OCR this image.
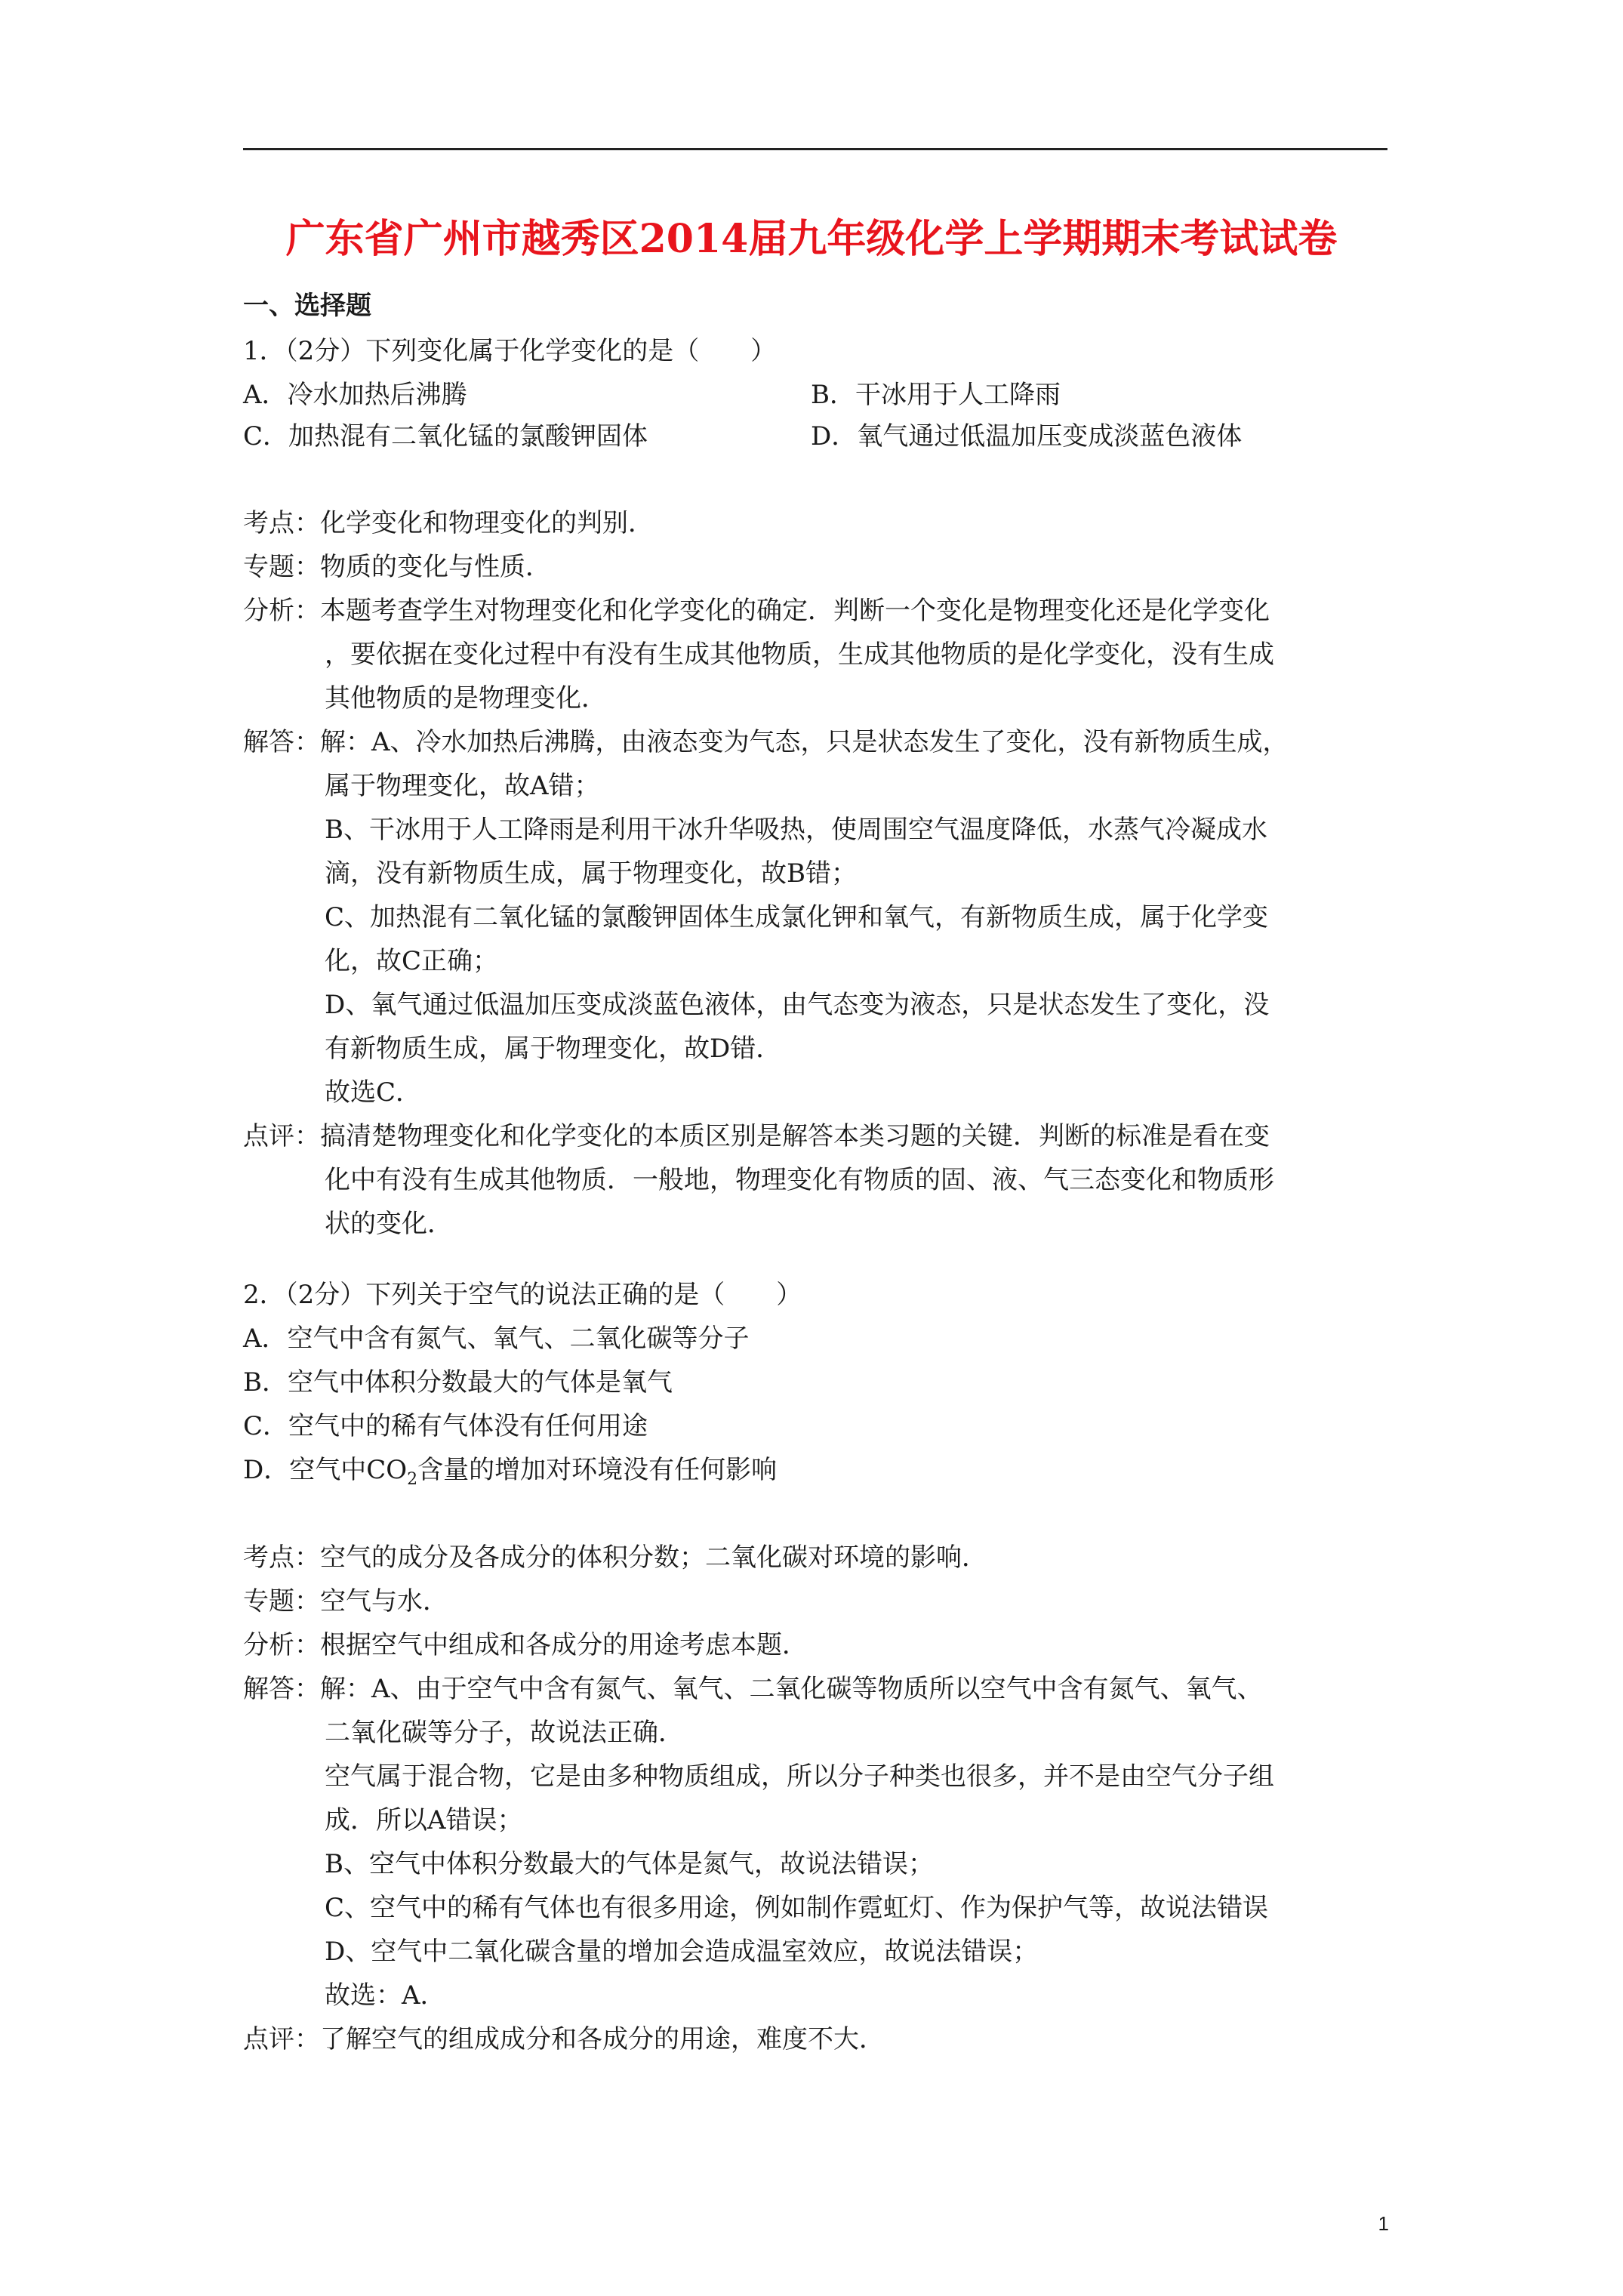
广东省广州市越秀区2014届九年级化学上学期期末考试试卷
一、选择题
1．（2分）下列变化属于化学变化的是（　　）
A．冷水加热后沸腾	B．干冰用于人工降雨
C．加热混有二氧化锰的氯酸钾固体	D．氧气通过低温加压变成淡蓝色液体
考点：化学变化和物理变化的判别．
专题：物质的变化与性质．
分析：本题考查学生对物理变化和化学变化的确定．判断一个变化是物理变化还是化学变化
，要依据在变化过程中有没有生成其他物质，生成其他物质的是化学变化，没有生成
其他物质的是物理变化．
解答：解：A、冷水加热后沸腾，由液态变为气态，只是状态发生了变化，没有新物质生成，
属于物理变化，故A错；
B、干冰用于人工降雨是利用干冰升华吸热，使周围空气温度降低，水蒸气冷凝成水
滴，没有新物质生成，属于物理变化，故B错；
C、加热混有二氧化锰的氯酸钾固体生成氯化钾和氧气，有新物质生成，属于化学变
化，故C正确；
D、氧气通过低温加压变成淡蓝色液体，由气态变为液态，只是状态发生了变化，没
有新物质生成，属于物理变化，故D错．
故选C．
点评：搞清楚物理变化和化学变化的本质区别是解答本类习题的关键．判断的标准是看在变
化中有没有生成其他物质．一般地，物理变化有物质的固、液、气三态变化和物质形
状的变化．
2．（2分）下列关于空气的说法正确的是（　　）
A．空气中含有氮气、氧气、二氧化碳等分子
B．空气中体积分数最大的气体是氧气
C．空气中的稀有气体没有任何用途
D．空气中$CO_2$含量的增加对环境没有任何影响
考点：空气的成分及各成分的体积分数；二氧化碳对环境的影响．
专题：空气与水．
分析：根据空气中组成和各成分的用途考虑本题．
解答：解：A、由于空气中含有氮气、氧气、二氧化碳等物质所以空气中含有氮气、氧气、
二氧化碳等分子，故说法正确．
空气属于混合物，它是由多种物质组成，所以分子种类也很多，并不是由空气分子组
成．所以A错误；
B、空气中体积分数最大的气体是氮气，故说法错误；
C、空气中的稀有气体也有很多用途，例如制作霓虹灯、作为保护气等，故说法错误
D、空气中二氧化碳含量的增加会造成温室效应，故说法错误；
故选：A．
点评：了解空气的组成成分和各成分的用途，难度不大．
1
